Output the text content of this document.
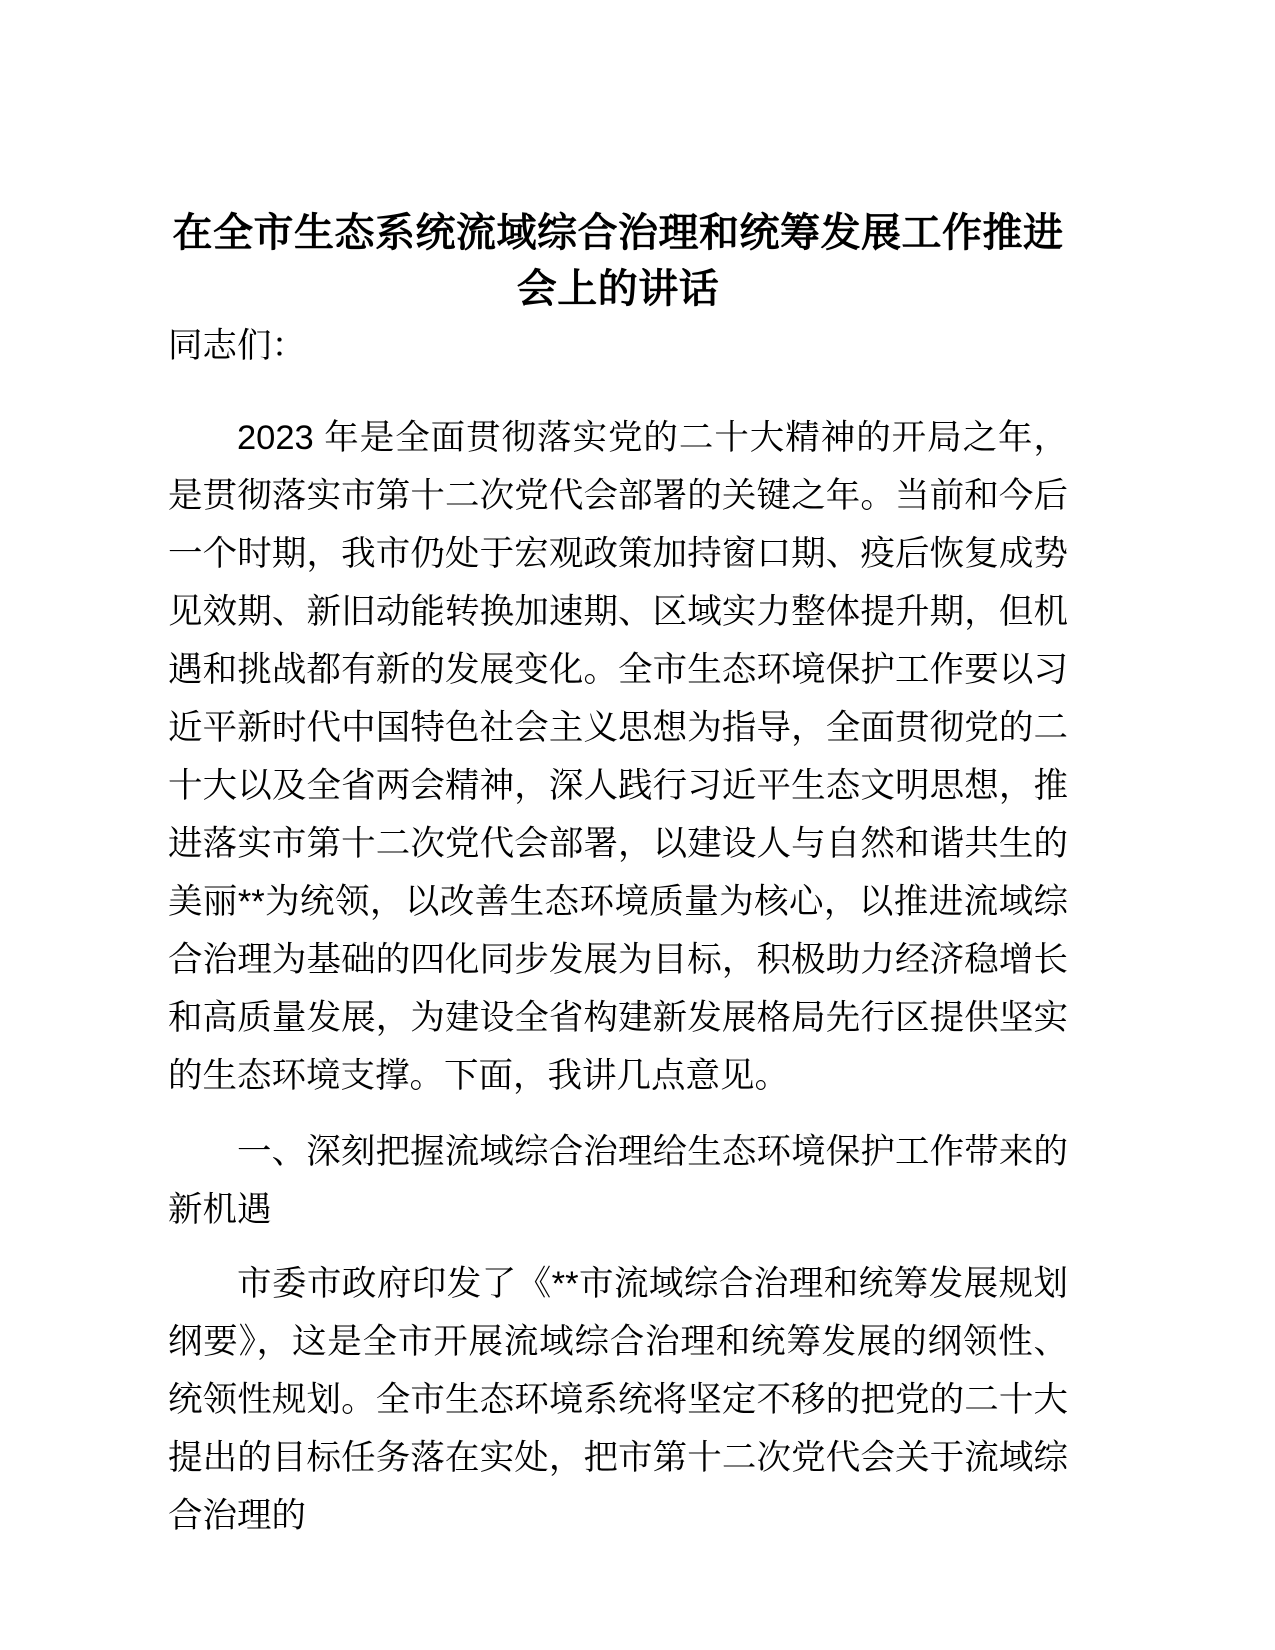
在全市生态系统流域综合治理和统筹发展工作推进会上的讲话

同志们：

2023 年是全面贯彻落实党的二十大精神的开局之年，是贯彻落实市第十二次党代会部署的关键之年。当前和今后一个时期，我市仍处于宏观政策加持窗口期、疫后恢复成势见效期、新旧动能转换加速期、区域实力整体提升期，但机遇和挑战都有新的发展变化。全市生态环境保护工作要以习近平新时代中国特色社会主义思想为指导，全面贯彻党的二十大以及全省两会精神，深人践行习近平生态文明思想，推进落实市第十二次党代会部署，以建设人与自然和谐共生的美丽**为统领，以改善生态环境质量为核心，以推进流域综合治理为基础的四化同步发展为目标，积极助力经济稳增长和高质量发展，为建设全省构建新发展格局先行区提供坚实的生态环境支撑。下面，我讲几点意见。

一、深刻把握流域综合治理给生态环境保护工作带来的新机遇

市委市政府印发了《**市流域综合治理和统筹发展规划纲要》，这是全市开展流域综合治理和统筹发展的纲领性、统领性规划。全市生态环境系统将坚定不移的把党的二十大提出的目标任务落在实处，把市第十二次党代会关于流域综合治理的
